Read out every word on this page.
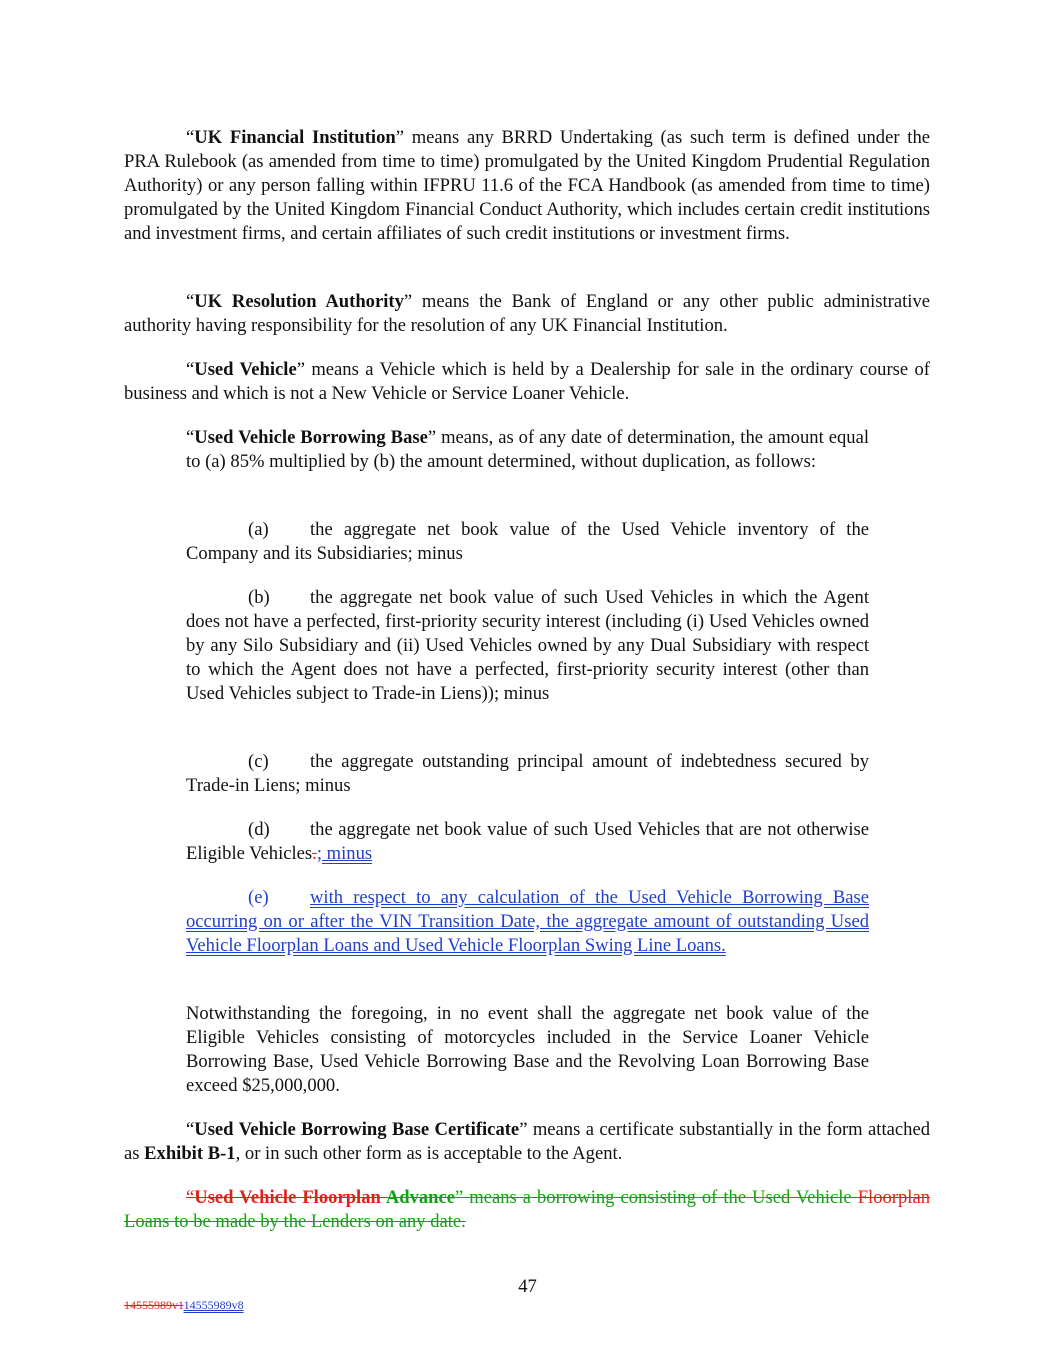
“UK Financial Institution” means any BRRD Undertaking (as such term is defined under the PRA Rulebook (as amended from time to time) promulgated by the United Kingdom Prudential Regulation Authority) or any person falling within IFPRU 11.6 of the FCA Handbook (as amended from time to time) promulgated by the United Kingdom Financial Conduct Authority, which includes certain credit institutions and investment firms, and certain affiliates of such credit institutions or investment firms.

“UK Resolution Authority” means the Bank of England or any other public administrative authority having responsibility for the resolution of any UK Financial Institution.

“Used Vehicle” means a Vehicle which is held by a Dealership for sale in the ordinary course of business and which is not a New Vehicle or Service Loaner Vehicle.

“Used Vehicle Borrowing Base” means, as of any date of determination, the amount equal to (a) 85% multiplied by (b) the amount determined, without duplication, as follows:

(a) the aggregate net book value of the Used Vehicle inventory of the Company and its Subsidiaries; minus

(b) the aggregate net book value of such Used Vehicles in which the Agent does not have a perfected, first-priority security interest (including (i) Used Vehicles owned by any Silo Subsidiary and (ii) Used Vehicles owned by any Dual Subsidiary with respect to which the Agent does not have a perfected, first-priority security interest (other than Used Vehicles subject to Trade-in Liens)); minus

(c) the aggregate outstanding principal amount of indebtedness secured by Trade-in Liens; minus

(d) the aggregate net book value of such Used Vehicles that are not otherwise Eligible Vehicles.; minus

(e) with respect to any calculation of the Used Vehicle Borrowing Base occurring on or after the VIN Transition Date, the aggregate amount of outstanding Used Vehicle Floorplan Loans and Used Vehicle Floorplan Swing Line Loans.

Notwithstanding the foregoing, in no event shall the aggregate net book value of the Eligible Vehicles consisting of motorcycles included in the Service Loaner Vehicle Borrowing Base, Used Vehicle Borrowing Base and the Revolving Loan Borrowing Base exceed $25,000,000.

“Used Vehicle Borrowing Base Certificate” means a certificate substantially in the form attached as Exhibit B-1, or in such other form as is acceptable to the Agent.

“Used Vehicle Floorplan Advance” means a borrowing consisting of the Used Vehicle Floorplan Loans to be made by the Lenders on any date.

47
14555989v114555989v8
